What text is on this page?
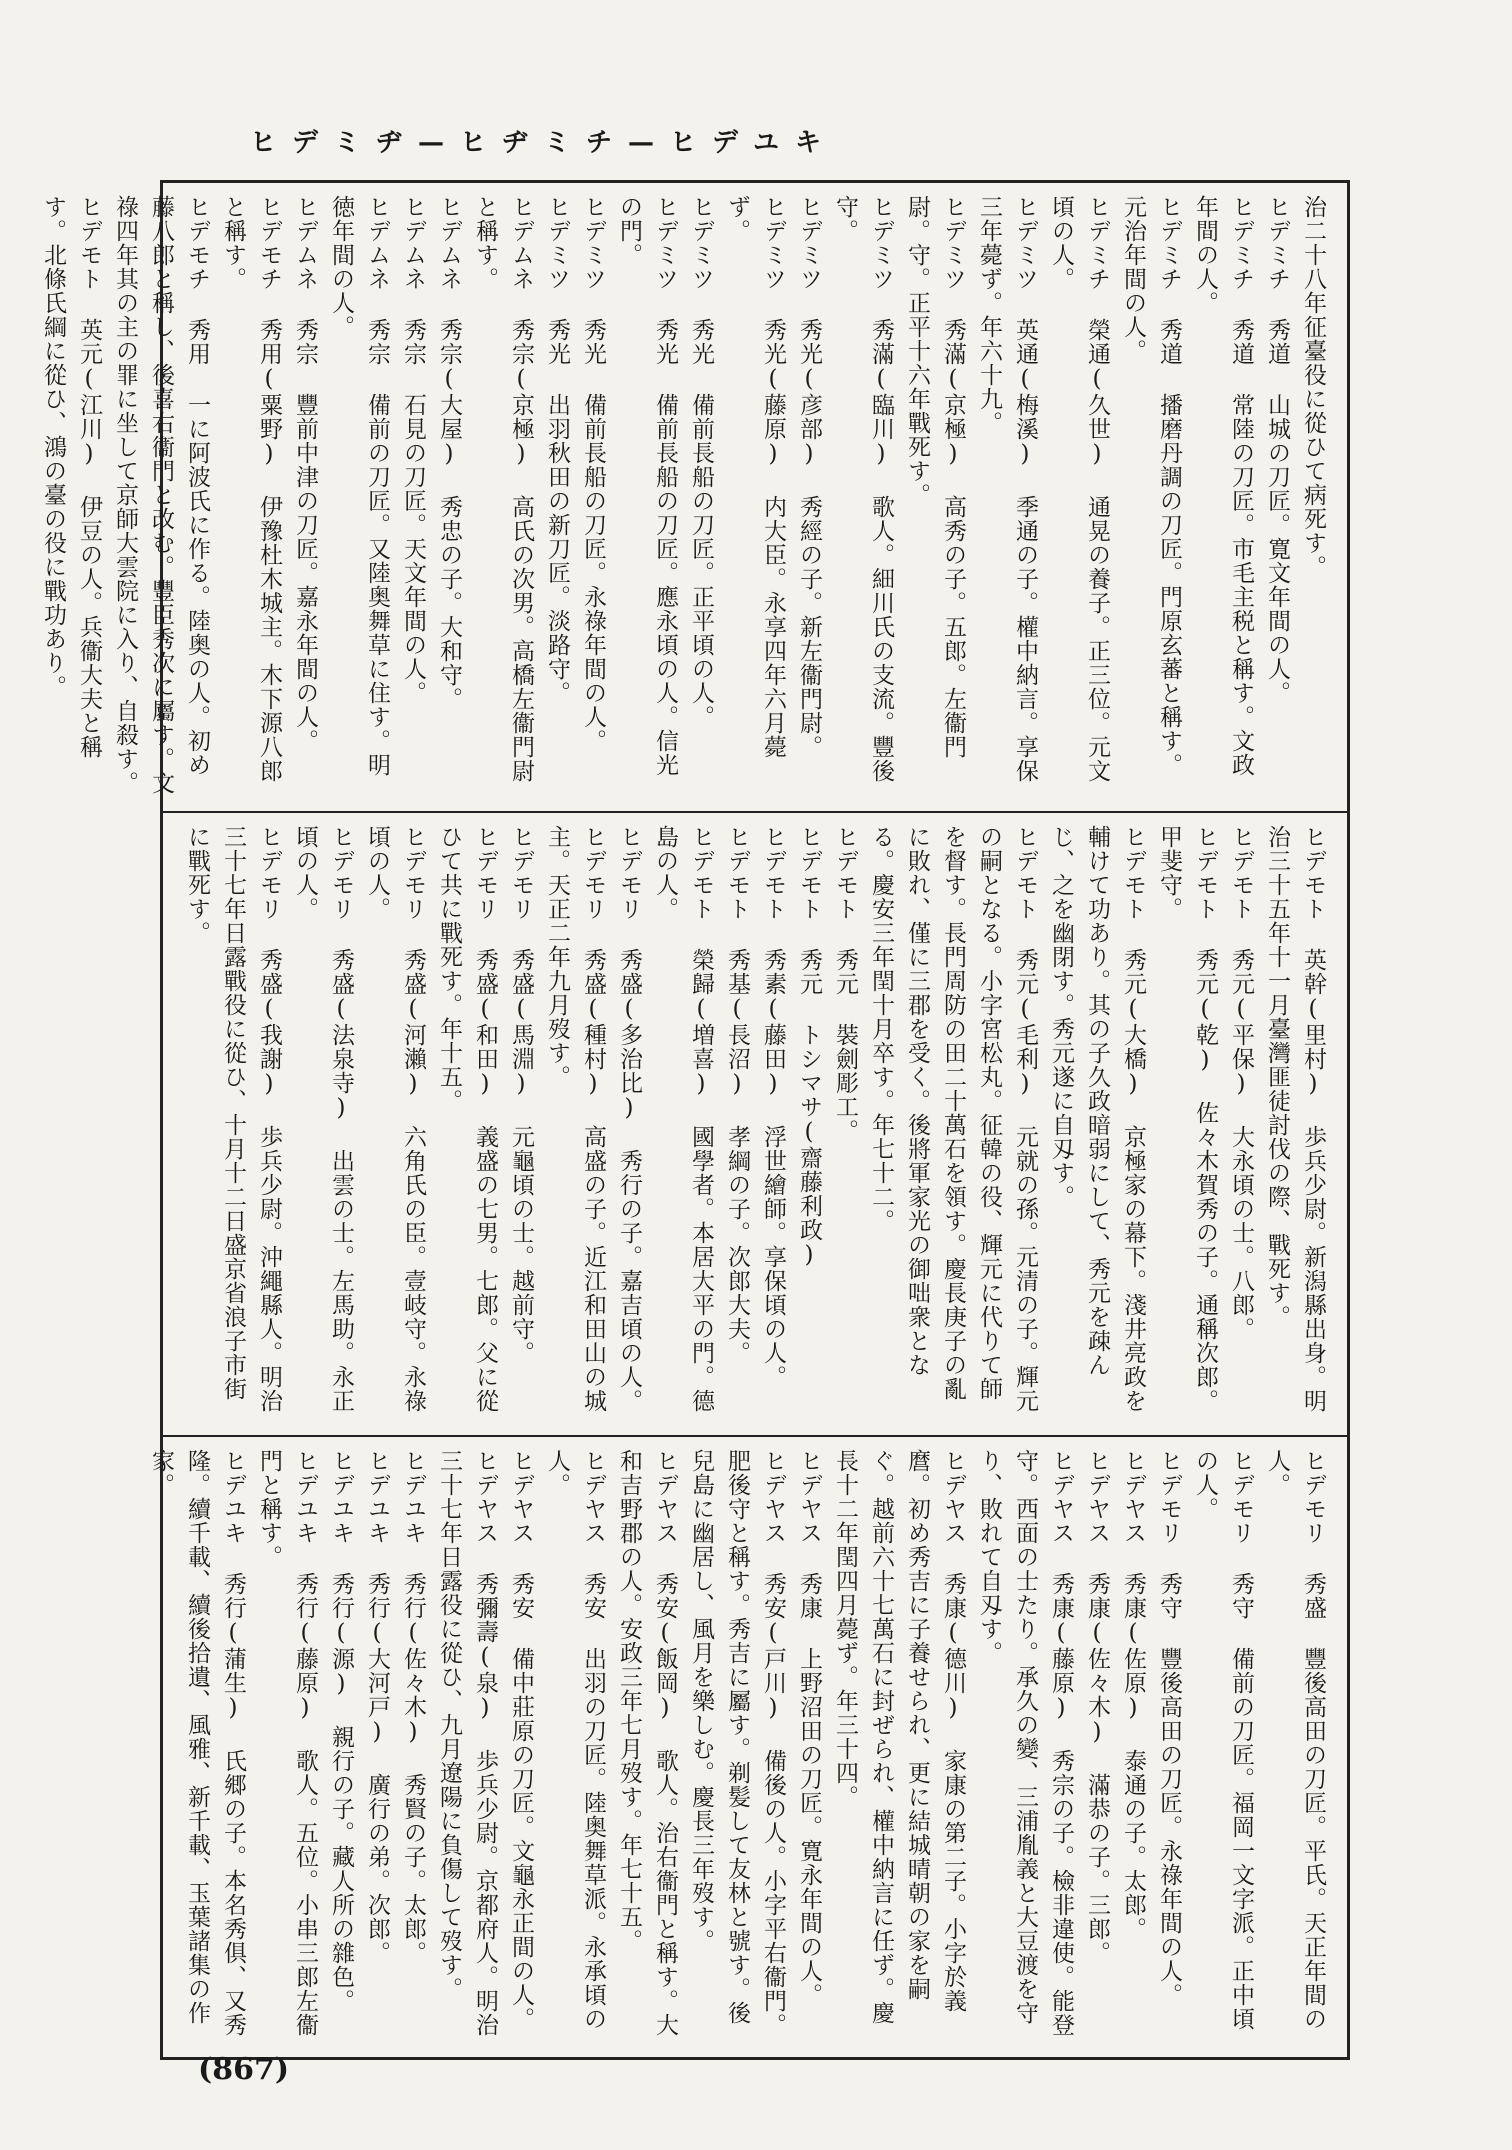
ヒデミヂ—ヒヂミチ—ヒデユキ
治二十八年征臺役に從ひて病死す。
ヒデミチ 秀道 山城の刀匠。寛文年間の人。
ヒデミチ 秀道 常陸の刀匠。市毛主税と稱す。文政年間の人。
ヒデミチ 秀道 播磨丹調の刀匠。門原玄蕃と稱す。元治年間の人。
ヒデミチ 榮通(久世) 通晃の養子。正三位。元文頃の人。
ヒデミツ 英通(梅溪) 季通の子。權中納言。享保三年薨ず。年六十九。
ヒデミツ 秀滿(京極) 高秀の子。五郎。左衞門尉。守。正平十六年戰死す。
ヒデミツ 秀滿(臨川) 歌人。細川氏の支流。豐後守。
ヒデミツ 秀光(彦部) 秀經の子。新左衞門尉。
ヒデミツ 秀光(藤原) 内大臣。永享四年六月薨ず。
ヒデミツ 秀光 備前長船の刀匠。正平頃の人。
ヒデミツ 秀光 備前長船の刀匠。應永頃の人。信光の門。
ヒデミツ 秀光 備前長船の刀匠。永祿年間の人。
ヒデミツ 秀光 出羽秋田の新刀匠。淡路守。
ヒデムネ 秀宗(京極) 高氏の次男。高橋左衞門尉と稱す。
ヒデムネ 秀宗(大屋) 秀忠の子。大和守。
ヒデムネ 秀宗 石見の刀匠。天文年間の人。
ヒデムネ 秀宗 備前の刀匠。又陸奥舞草に住す。明徳年間の人。
ヒデムネ 秀宗 豐前中津の刀匠。嘉永年間の人。
ヒデモチ 秀用(粟野) 伊豫杜木城主。木下源八郎と稱す。
ヒデモチ 秀用 一に阿波氏に作る。陸奥の人。初め藤八郎と稱し、後喜右衞門と改む。豐臣秀次に屬す。文祿四年其の主の罪に坐して京師大雲院に入り、自殺す。
ヒデモト 英元(江川) 伊豆の人。兵衞大夫と稱す。北條氏綱に從ひ、鴻の臺の役に戰功あり。
ヒデモト 英幹(里村) 歩兵少尉。新潟縣出身。明治三十五年十一月臺灣匪徒討伐の際、戰死す。
ヒデモト 秀元(平保) 大永頃の士。八郎。
ヒデモト 秀元(乾) 佐々木賀秀の子。通稱次郎。甲斐守。
ヒデモト 秀元(大橋) 京極家の幕下。淺井亮政を輔けて功あり。其の子久政暗弱にして、秀元を疎んじ、之を幽閉す。秀元遂に自刄す。
ヒデモト 秀元(毛利) 元就の孫。元清の子。輝元の嗣となる。小字宮松丸。征韓の役、輝元に代りて師を督す。長門周防の田二十萬石を領す。慶長庚子の亂に敗れ、僅に三郡を受く。後將軍家光の御咄衆となる。慶安三年閏十月卒す。年七十二。
ヒデモト 秀元 裝劍彫工。
ヒデモト 秀元 トシマサ(齋藤利政)
ヒデモト 秀素(藤田) 浮世繪師。享保頃の人。
ヒデモト 秀基(長沼) 孝綱の子。次郎大夫。
ヒデモト 榮歸(増喜) 國學者。本居大平の門。德島の人。
ヒデモリ 秀盛(多治比) 秀行の子。嘉吉頃の人。
ヒデモリ 秀盛(種村) 高盛の子。近江和田山の城主。天正二年九月歿す。
ヒデモリ 秀盛(馬淵) 元龜頃の士。越前守。
ヒデモリ 秀盛(和田) 義盛の七男。七郎。父に從ひて共に戰死す。年十五。
ヒデモリ 秀盛(河瀨) 六角氏の臣。壹岐守。永祿頃の人。
ヒデモリ 秀盛(法泉寺) 出雲の士。左馬助。永正頃の人。
ヒデモリ 秀盛(我謝) 歩兵少尉。沖繩縣人。明治三十七年日露戰役に從ひ、十月十二日盛京省浪子市街に戰死す。
ヒデモリ 秀盛 豐後高田の刀匠。平氏。天正年間の人。
ヒデモリ 秀守 備前の刀匠。福岡一文字派。正中頃の人。
ヒデモリ 秀守 豐後高田の刀匠。永祿年間の人。
ヒデヤス 秀康(佐原) 泰通の子。太郎。
ヒデヤス 秀康(佐々木) 滿恭の子。三郎。
ヒデヤス 秀康(藤原) 秀宗の子。檢非違使。能登守。西面の士たり。承久の變、三浦胤義と大豆渡を守り、敗れて自刄す。
ヒデヤス 秀康(德川) 家康の第二子。小字於義麿。初め秀吉に子養せられ、更に結城晴朝の家を嗣ぐ。越前六十七萬石に封ぜられ、權中納言に任ず。慶長十二年閏四月薨ず。年三十四。
ヒデヤス 秀康 上野沼田の刀匠。寛永年間の人。
ヒデヤス 秀安(戸川) 備後の人。小字平右衞門。肥後守と稱す。秀吉に屬す。剃髪して友林と號す。後兒島に幽居し、風月を樂しむ。慶長三年歿す。
ヒデヤス 秀安(飯岡) 歌人。治右衞門と稱す。大和吉野郡の人。安政三年七月歿す。年七十五。
ヒデヤス 秀安 出羽の刀匠。陸奥舞草派。永承頃の人。
ヒデヤス 秀安 備中莊原の刀匠。文龜永正間の人。
ヒデヤス 秀彌壽(泉) 歩兵少尉。京都府人。明治三十七年日露役に從ひ、九月遼陽に負傷して歿す。
ヒデユキ 秀行(佐々木) 秀賢の子。太郎。
ヒデユキ 秀行(大河戸) 廣行の弟。次郎。
ヒデユキ 秀行(源) 親行の子。藏人所の雜色。
ヒデユキ 秀行(藤原) 歌人。五位。小串三郎左衞門と稱す。
ヒデユキ 秀行(蒲生) 氏郷の子。本名秀俱、又秀隆。續千載、續後拾遺、風雅、新千載、玉葉諸集の作家。
(867)
